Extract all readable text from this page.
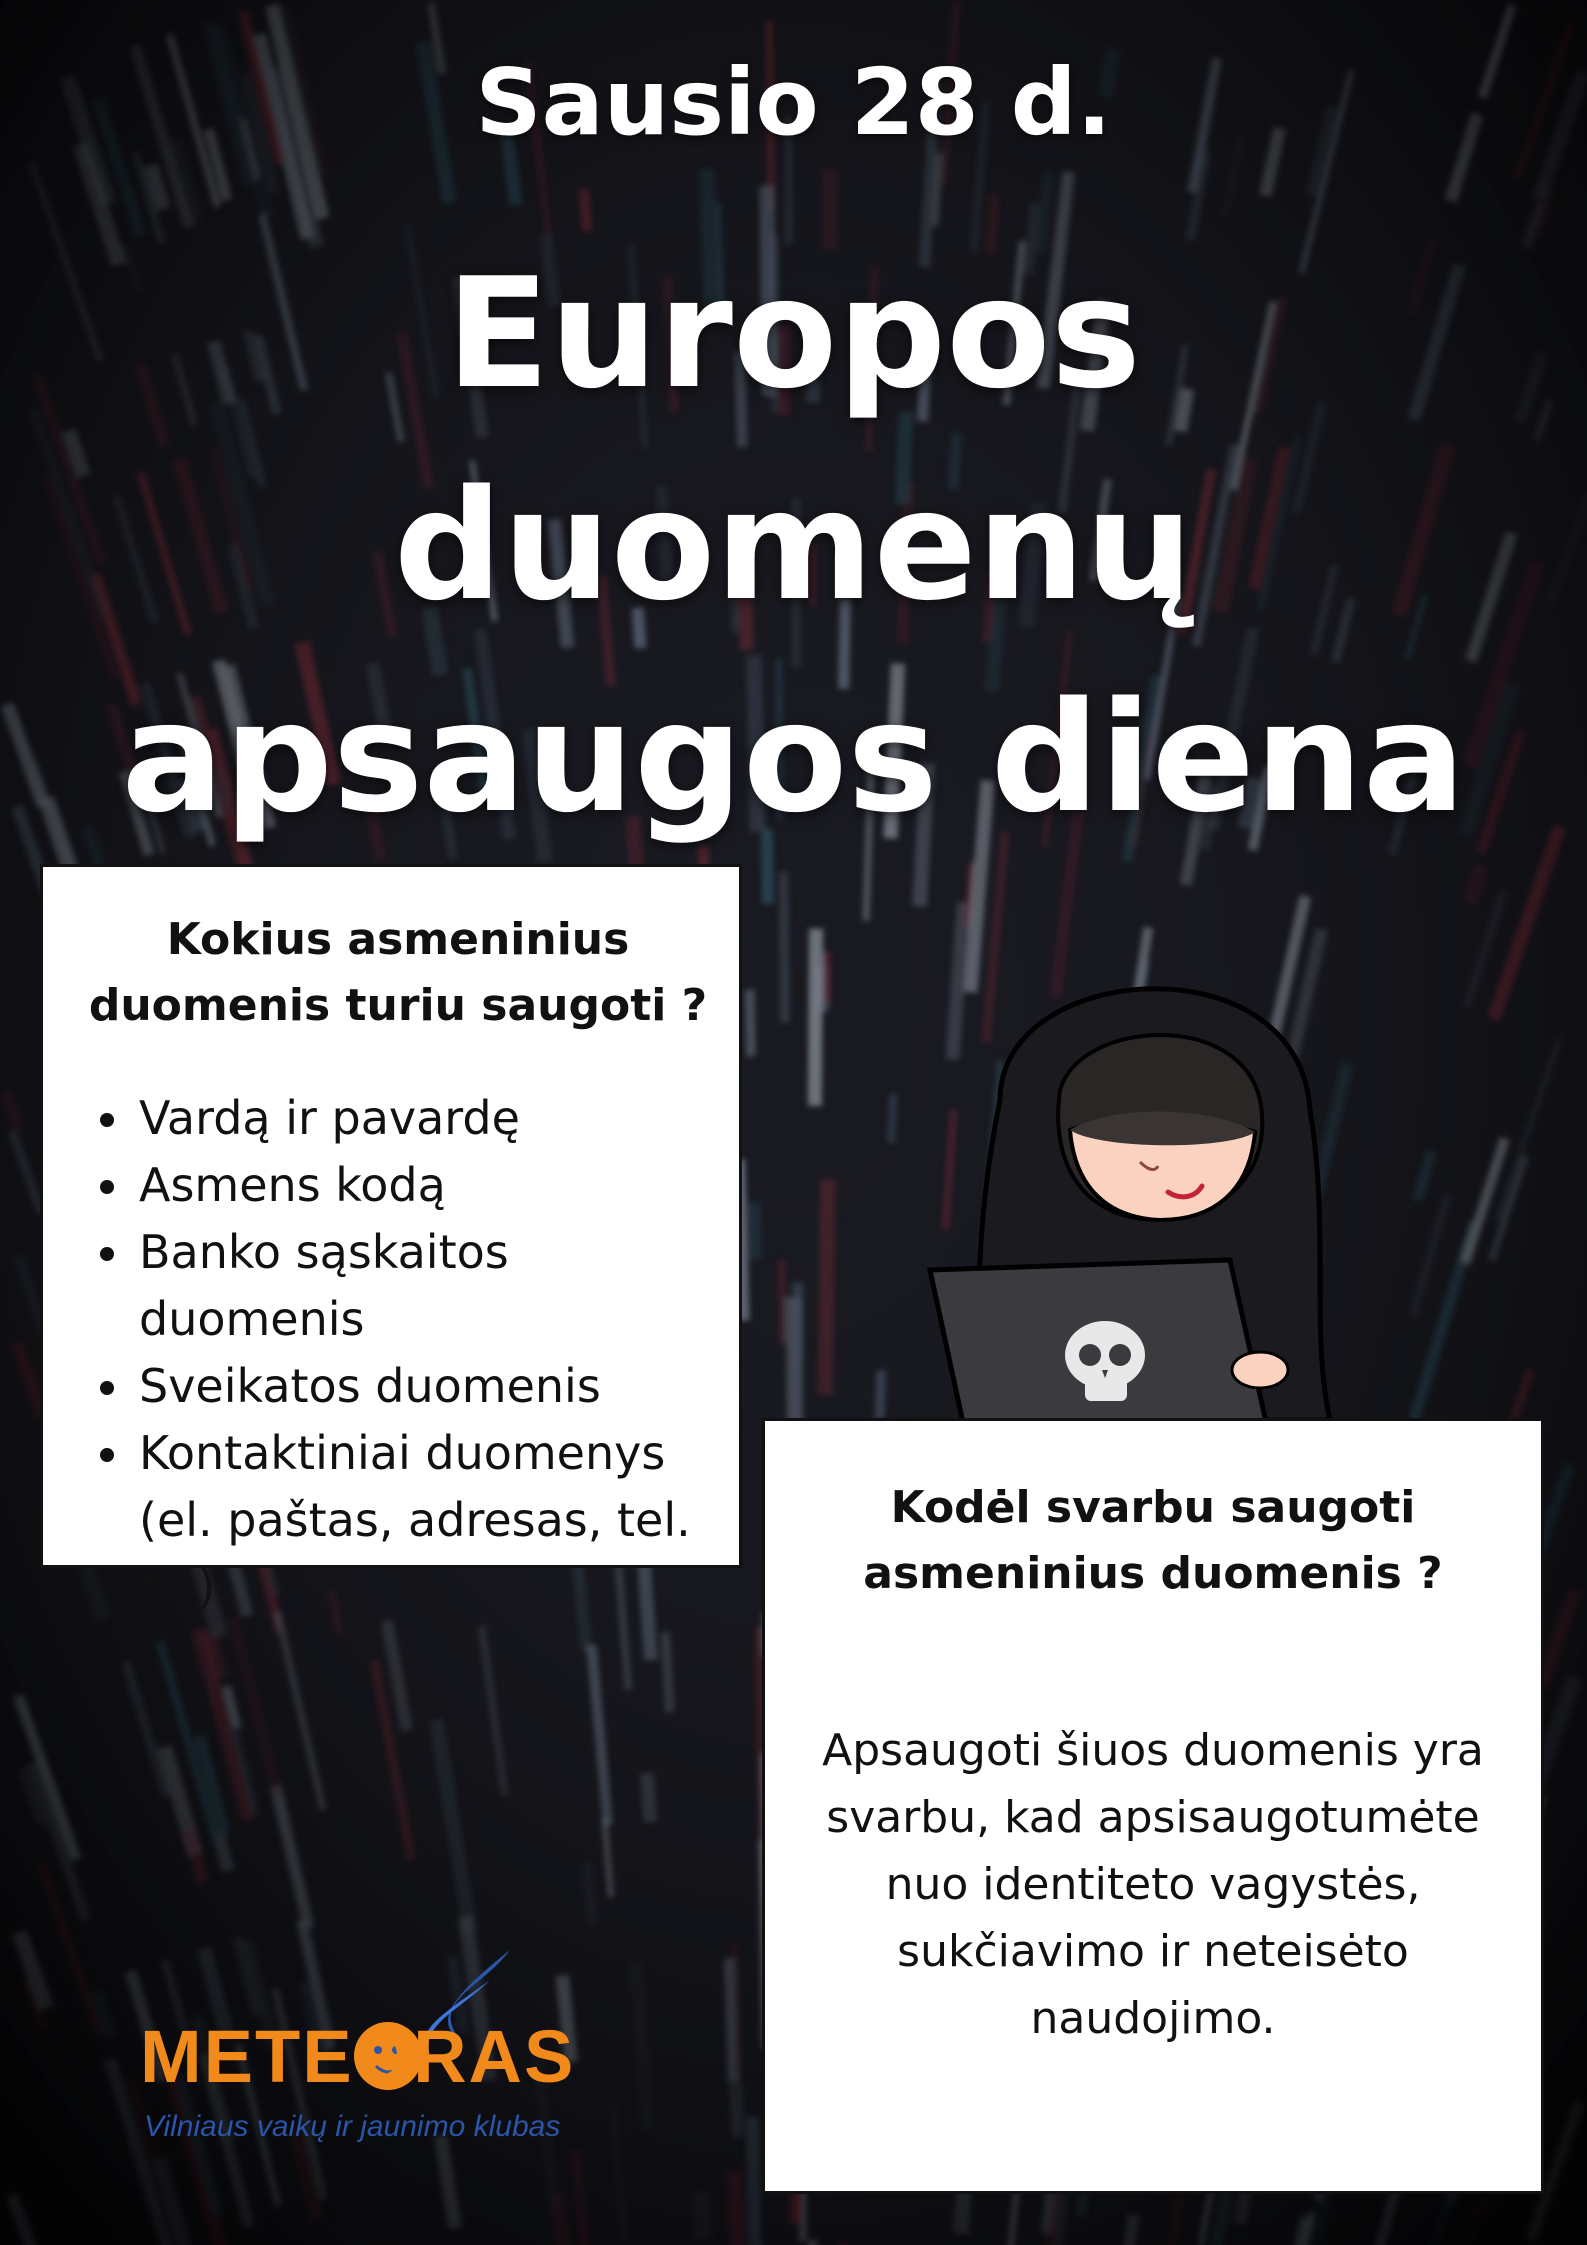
Sausio 28 d.
Europos
duomenų
apsaugos diena
Kokius asmeninius
duomenis turiu saugoti ?
• Vardą ir pavardę
• Asmens kodą
• Banko sąskaitos duomenis
• Sveikatos duomenis
• Kontaktiniai duomenys (el. paštas, adresas, tel. nr.)
Kodėl svarbu saugoti
asmeninius duomenis ?

Apsaugoti šiuos duomenis yra svarbu, kad apsisaugotumėte nuo identiteto vagystės, sukčiavimo ir neteisėto naudojimo.

METEORAS
Vilniaus vaikų ir jaunimo klubas
